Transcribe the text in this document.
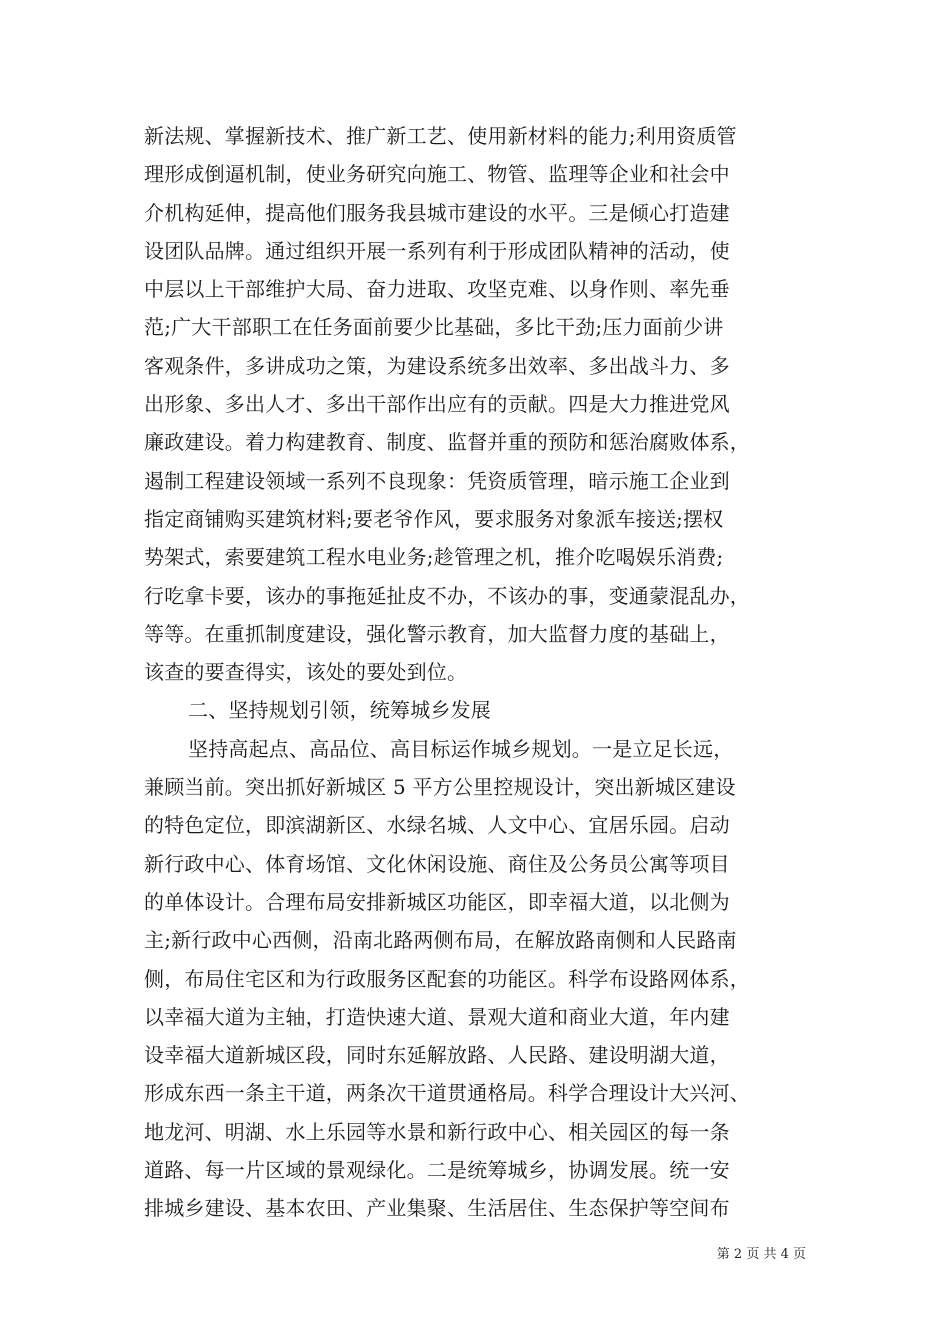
新法规、掌握新技术、推广新工艺、使用新材料的能力;利用资质管
理形成倒逼机制，使业务研究向施工、物管、监理等企业和社会中
介机构延伸，提高他们服务我县城市建设的水平。三是倾心打造建
设团队品牌。通过组织开展一系列有利于形成团队精神的活动，使
中层以上干部维护大局、奋力进取、攻坚克难、以身作则、率先垂
范;广大干部职工在任务面前要少比基础，多比干劲;压力面前少讲
客观条件，多讲成功之策，为建设系统多出效率、多出战斗力、多
出形象、多出人才、多出干部作出应有的贡献。四是大力推进党风
廉政建设。着力构建教育、制度、监督并重的预防和惩治腐败体系，
遏制工程建设领域一系列不良现象：凭资质管理，暗示施工企业到
指定商铺购买建筑材料;要老爷作风，要求服务对象派车接送;摆权
势架式，索要建筑工程水电业务;趁管理之机，推介吃喝娱乐消费;
行吃拿卡要，该办的事拖延扯皮不办，不该办的事，变通蒙混乱办，
等等。在重抓制度建设，强化警示教育，加大监督力度的基础上，
该查的要查得实，该处的要处到位。
二、坚持规划引领，统筹城乡发展
坚持高起点、高品位、高目标运作城乡规划。一是立足长远，
兼顾当前。突出抓好新城区 5 平方公里控规设计，突出新城区建设
的特色定位，即滨湖新区、水绿名城、人文中心、宜居乐园。启动
新行政中心、体育场馆、文化休闲设施、商住及公务员公寓等项目
的单体设计。合理布局安排新城区功能区，即幸福大道，以北侧为
主;新行政中心西侧，沿南北路两侧布局，在解放路南侧和人民路南
侧，布局住宅区和为行政服务区配套的功能区。科学布设路网体系，
以幸福大道为主轴，打造快速大道、景观大道和商业大道，年内建
设幸福大道新城区段，同时东延解放路、人民路、建设明湖大道，
形成东西一条主干道，两条次干道贯通格局。科学合理设计大兴河、
地龙河、明湖、水上乐园等水景和新行政中心、相关园区的每一条
道路、每一片区域的景观绿化。二是统筹城乡，协调发展。统一安
排城乡建设、基本农田、产业集聚、生活居住、生态保护等空间布
第 2 页 共 4 页
